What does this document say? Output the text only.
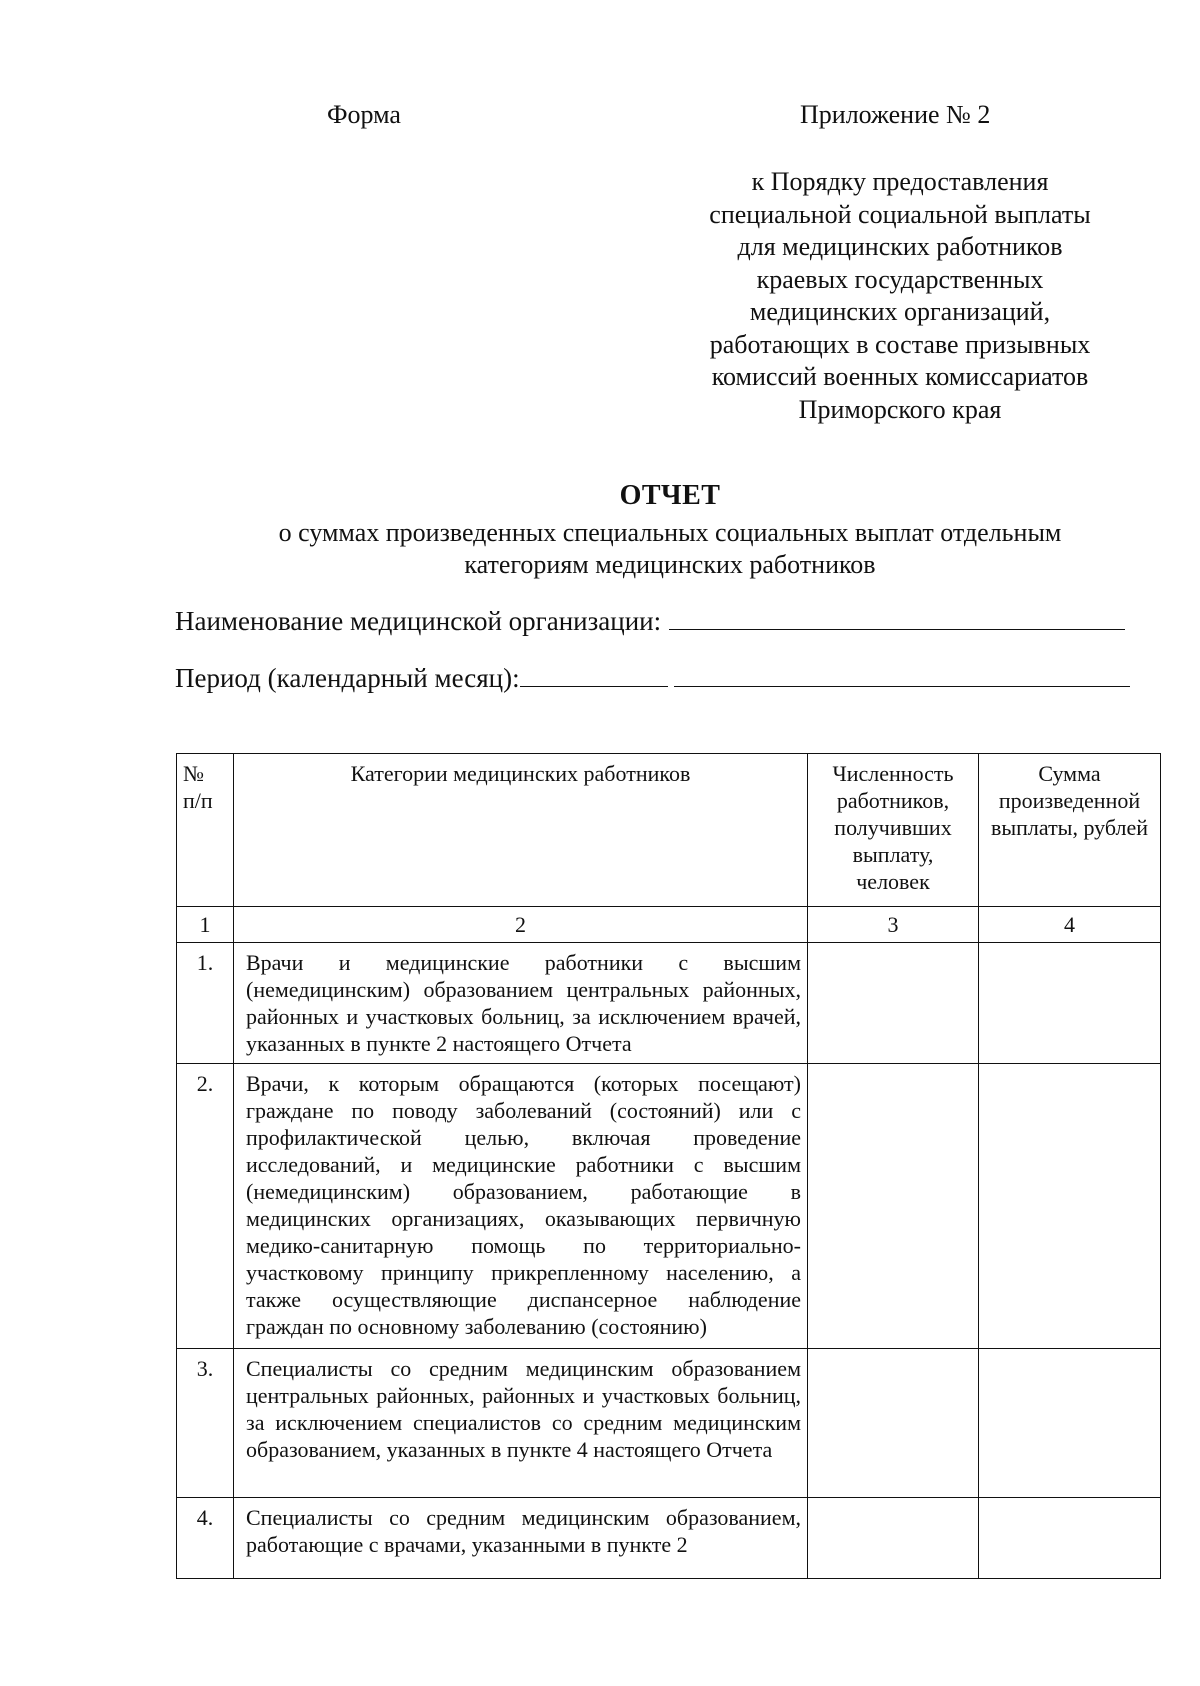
Форма	Приложение № 2
к Порядку предоставления
специальной социальной выплаты
для медицинских работников
краевых государственных
медицинских организаций,
работающих в составе призывных
комиссий военных комиссариатов
Приморского края
ОТЧЕТ
о суммах произведенных специальных социальных выплат отдельным
категориям медицинских работников
Наименование медицинской организации:
Период (календарный месяц):
№ п/п	Категории медицинских работников	Численность работников, получивших выплату, человек	Сумма произведенной выплаты, рублей
1	2	3	4
1.	Врачи и медицинские работники с высшим (немедицинским) образованием центральных районных, районных и участковых больниц, за исключением врачей, указанных в пункте 2 настоящего Отчета		
2.	Врачи, к которым обращаются (которых посещают) граждане по поводу заболеваний (состояний) или с профилактической целью, включая проведение исследований, и медицинские работники с высшим (немедицинским) образованием, работающие в медицинских организациях, оказывающих первичную медико-санитарную помощь по территориально-участковому принципу прикрепленному населению, а также осуществляющие диспансерное наблюдение граждан по основному заболеванию (состоянию)		
3.	Специалисты со средним медицинским образованием центральных районных, районных и участковых больниц, за исключением специалистов со средним медицинским образованием, указанных в пункте 4 настоящего Отчета		
4.	Специалисты со средним медицинским образованием, работающие с врачами, указанными в пункте 2		
